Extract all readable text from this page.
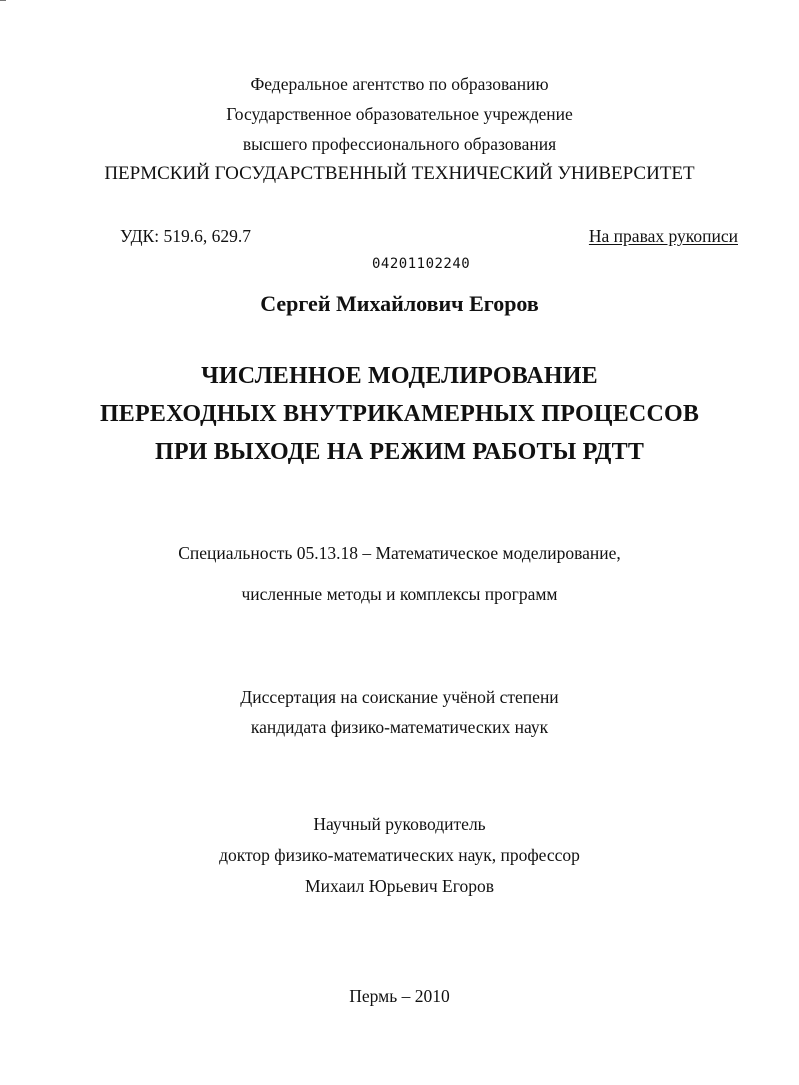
Федеральное агентство по образованию
Государственное образовательное учреждение
высшего профессионального образования
ПЕРМСКИЙ ГОСУДАРСТВЕННЫЙ ТЕХНИЧЕСКИЙ УНИВЕРСИТЕТ
УДК: 519.6, 629.7	На правах рукописи
04201102240
Сергей Михайлович Егоров
ЧИСЛЕННОЕ МОДЕЛИРОВАНИЕ
ПЕРЕХОДНЫХ ВНУТРИКАМЕРНЫХ ПРОЦЕССОВ
ПРИ ВЫХОДЕ НА РЕЖИМ РАБОТЫ РДТТ
Специальность 05.13.18 – Математическое моделирование,
численные методы и комплексы программ
Диссертация на соискание учёной степени
кандидата физико-математических наук
Научный руководитель
доктор физико-математических наук, профессор
Михаил Юрьевич Егоров
Пермь – 2010
